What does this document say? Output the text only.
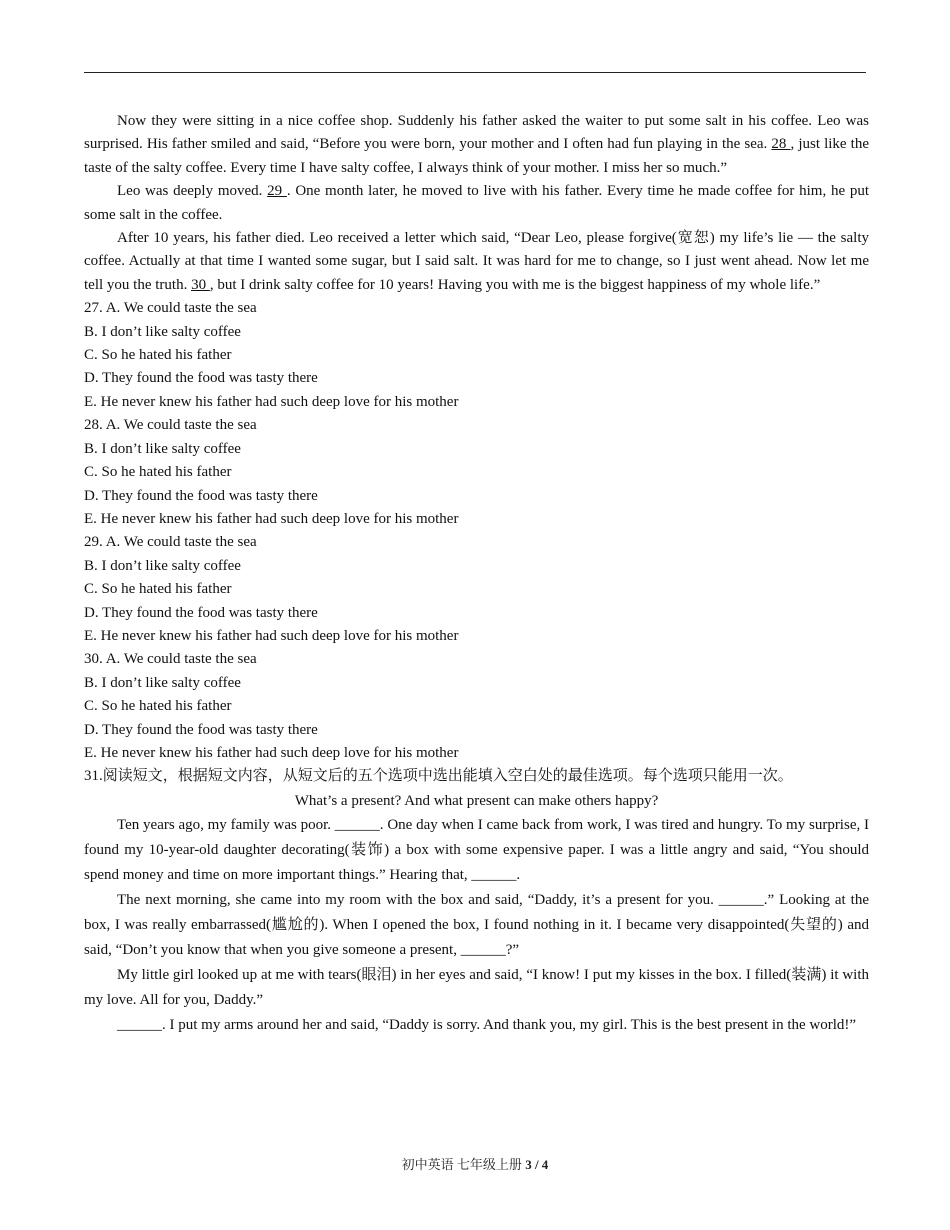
Now they were sitting in a nice coffee shop. Suddenly his father asked the waiter to put some salt in his coffee. Leo was surprised. His father smiled and said, “Before you were born, your mother and I often had fun playing in the sea. 28 , just like the taste of the salty coffee. Every time I have salty coffee, I always think of your mother. I miss her so much.”

Leo was deeply moved. 29 . One month later, he moved to live with his father. Every time he made coffee for him, he put some salt in the coffee.

After 10 years, his father died. Leo received a letter which said, “Dear Leo, please forgive(宽恕) my life’s lie — the salty coffee. Actually at that time I wanted some sugar, but I said salt. It was hard for me to change, so I just went ahead. Now let me tell you the truth. 30 , but I drink salty coffee for 10 years! Having you with me is the biggest happiness of my whole life.”

27. A. We could taste the sea

B. I don’t like salty coffee

C. So he hated his father

D. They found the food was tasty there

E. He never knew his father had such deep love for his mother

28. A. We could taste the sea

B. I don’t like salty coffee

C. So he hated his father

D. They found the food was tasty there

E. He never knew his father had such deep love for his mother

29. A. We could taste the sea

B. I don’t like salty coffee

C. So he hated his father

D. They found the food was tasty there

E. He never knew his father had such deep love for his mother

30. A. We could taste the sea

B. I don’t like salty coffee

C. So he hated his father

D. They found the food was tasty there

E. He never knew his father had such deep love for his mother

31.阅读短文，根据短文内容，从短文后的五个选项中选出能填入空白处的最佳选项。每个选项只能用一次。

What’s a present? And what present can make others happy?

Ten years ago, my family was poor. ______. One day when I came back from work, I was tired and hungry. To my surprise, I found my 10-year-old daughter decorating(装饰) a box with some expensive paper. I was a little angry and said, “You should spend money and time on more important things.” Hearing that, ______.

The next morning, she came into my room with the box and said, “Daddy, it’s a present for you. ______.” Looking at the box, I was really embarrassed(尴尬的). When I opened the box, I found nothing in it. I became very disappointed(失望的) and said, “Don’t you know that when you give someone a present, ______?”

My little girl looked up at me with tears(眼泪) in her eyes and said, “I know! I put my kisses in the box. I filled(装满) it with my love. All for you, Daddy.”

______. I put my arms around her and said, “Daddy is sorry. And thank you, my girl. This is the best present in the world!”

初中英语 七年级上册 3 / 4
